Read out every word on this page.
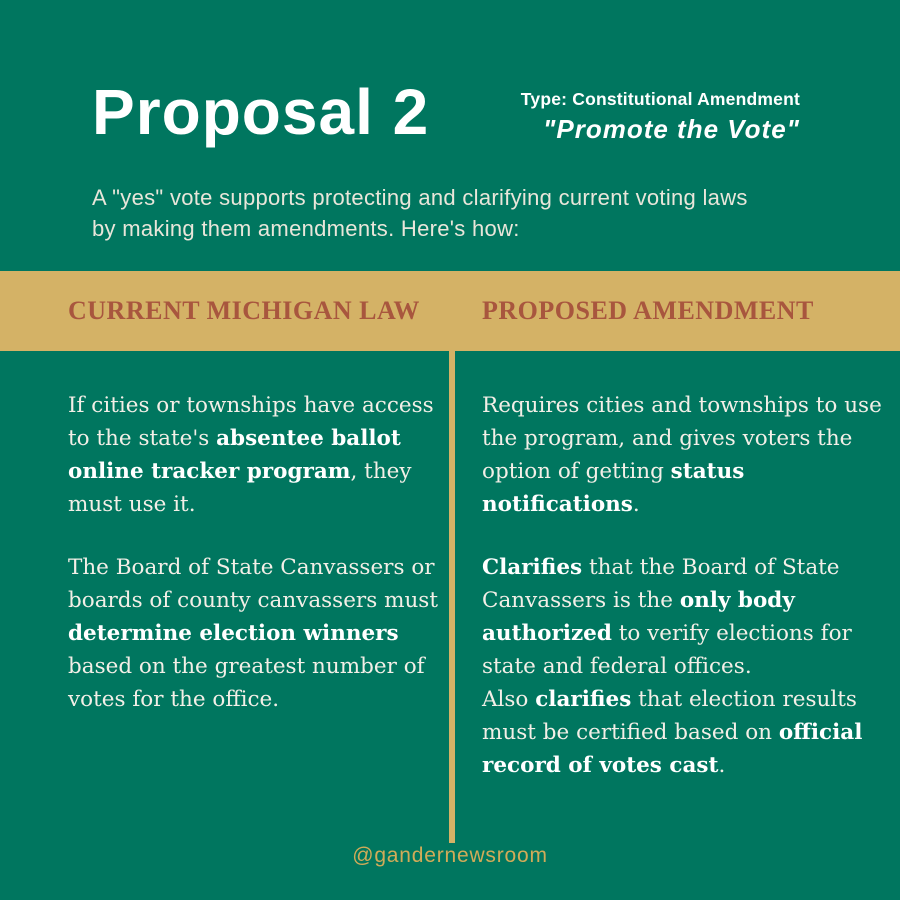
Proposal 2	Type: Constitutional Amendment
"Promote the Vote"

A "yes" vote supports protecting and clarifying current voting laws
by making them amendments. Here's how:

CURRENT MICHIGAN LAW PROPOSED AMENDMENT

If cities or townships have access
to the state's absentee ballot
online tracker program, they
must use it.

Requires cities and townships to use
the program, and gives voters the
option of getting status notifications.

The Board of State Canvassers or
boards of county canvassers must
determine election winners
based on the greatest number of
votes for the office.

Clarifies that the Board of State
Canvassers is the only body
authorized to verify elections for
state and federal offices.
Also clarifies that election results
must be certified based on official
record of votes cast.

@gandernewsroom
